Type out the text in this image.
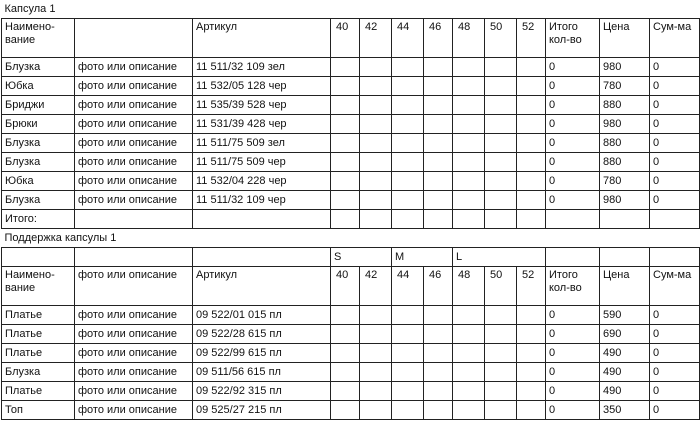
Капсула 1												
Наимено-вание		Артикул	40	42	44	46	48	50	52	Итого кол-во	Цена	Сум-ма
Блузка	фото или описание	11 511/32 109 зел								0	980	0
Юбка	фото или описание	11 532/05 128 чер								0	780	0
Бриджи	фото или описание	11 535/39 528 чер								0	880	0
Брюки	фото или описание	11 531/39 428 чер								0	980	0
Блузка	фото или описание	11 511/75 509 зел								0	880	0
Блузка	фото или описание	11 511/75 509 чер								0	880	0
Юбка	фото или описание	11 532/04 228 чер								0	780	0
Блузка	фото или описание	11 511/32 109 чер								0	980	0
Итого:												
Поддержка капсулы 1												
			S		M		L					
Наимено-вание	фото или описание	Артикул	40	42	44	46	48	50	52	Итого кол-во	Цена	Сум-ма
Платье	фото или описание	09 522/01 015 пл								0	590	0
Платье	фото или описание	09 522/28 615 пл								0	690	0
Платье	фото или описание	09 522/99 615 пл								0	490	0
Блузка	фото или описание	09 511/56 615 пл								0	490	0
Платье	фото или описание	09 522/92 315 пл								0	490	0
Топ	фото или описание	09 525/27 215 пл								0	350	0
